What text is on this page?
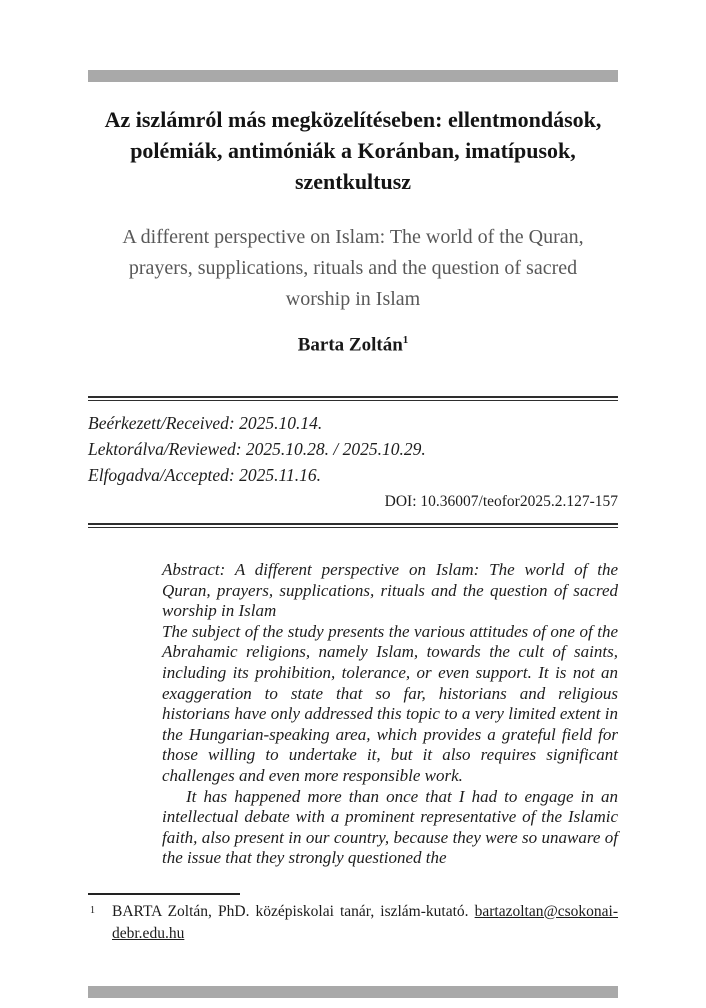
Az iszlámról más megközelítéseben: ellentmondások,
polémiák, antimóniák a Koránban, imatípusok,
szentkultusz
A different perspective on Islam: The world of the Quran,
prayers, supplications, rituals and the question of sacred
worship in Islam
Barta Zoltán$^1$
Beérkezett/Received: 2025.10.14.
Lektorálva/Reviewed: 2025.10.28. / 2025.10.29.
Elfogadva/Accepted: 2025.11.16.
DOI: 10.36007/teofor2025.2.127-157

Abstract: A different perspective on Islam: The world of the Quran, prayers, supplications, rituals and the question of sacred worship in Islam

The subject of the study presents the various attitudes of one of the Abrahamic religions, namely Islam, towards the cult of saints, including its prohibition, tolerance, or even support. It is not an exaggeration to state that so far, historians and religious historians have only addressed this topic to a very limited extent in the Hungarian-speaking area, which provides a grateful field for those willing to undertake it, but it also requires significant challenges and even more responsible work.

It has happened more than once that I had to engage in an intellectual debate with a prominent representative of the Islamic faith, also present in our country, because they were so unaware of the issue that they strongly questioned the

1 BARTA Zoltán, PhD. középiskolai tanár, iszlám-kutató. bartazoltan@csokonai-debr.edu.hu
